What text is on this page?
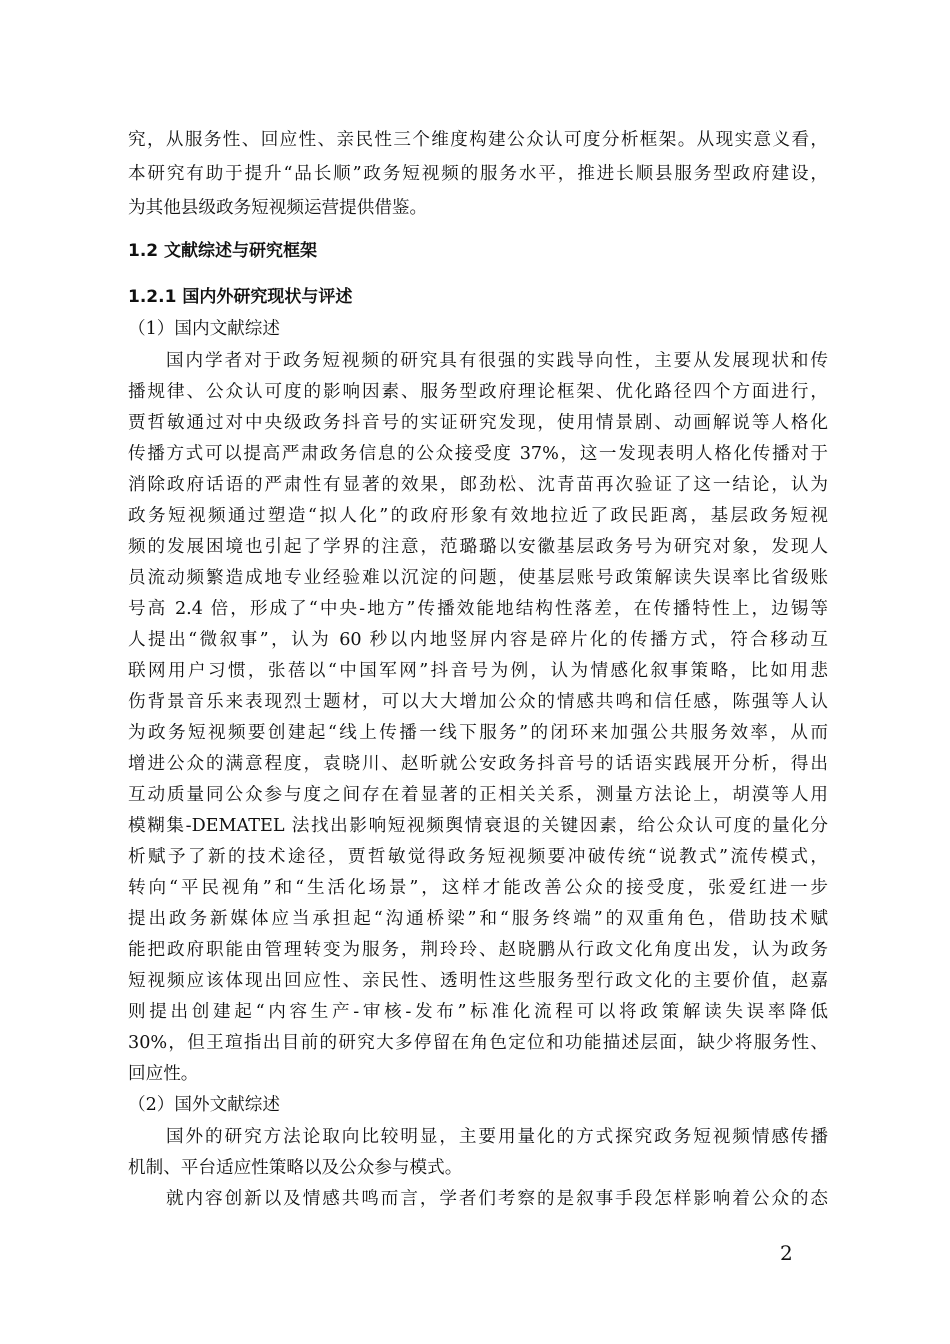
究，从服务性、回应性、亲民性三个维度构建公众认可度分析框架。从现实意义看，
本研究有助于提升“品长顺”政务短视频的服务水平，推进长顺县服务型政府建设，
为其他县级政务短视频运营提供借鉴。
1.2 文献综述与研究框架
1.2.1 国内外研究现状与评述
（1）国内文献综述
国内学者对于政务短视频的研究具有很强的实践导向性，主要从发展现状和传
播规律、公众认可度的影响因素、服务型政府理论框架、优化路径四个方面进行，
贾哲敏通过对中央级政务抖音号的实证研究发现，使用情景剧、动画解说等人格化
传播方式可以提高严肃政务信息的公众接受度 37%，这一发现表明人格化传播对于
消除政府话语的严肃性有显著的效果，郎劲松、沈青苗再次验证了这一结论，认为
政务短视频通过塑造“拟人化”的政府形象有效地拉近了政民距离，基层政务短视
频的发展困境也引起了学界的注意，范璐璐以安徽基层政务号为研究对象，发现人
员流动频繁造成地专业经验难以沉淀的问题，使基层账号政策解读失误率比省级账
号高 2.4 倍，形成了“中央-地方”传播效能地结构性落差，在传播特性上，边锡等
人提出“微叙事”，认为 60 秒以内地竖屏内容是碎片化的传播方式，符合移动互
联网用户习惯，张蓓以“中国军网”抖音号为例，认为情感化叙事策略，比如用悲
伤背景音乐来表现烈士题材，可以大大增加公众的情感共鸣和信任感，陈强等人认
为政务短视频要创建起“线上传播一线下服务”的闭环来加强公共服务效率，从而
增进公众的满意程度，袁晓川、赵昕就公安政务抖音号的话语实践展开分析，得出
互动质量同公众参与度之间存在着显著的正相关关系，测量方法论上，胡漠等人用
模糊集-DEMATEL 法找出影响短视频舆情衰退的关键因素，给公众认可度的量化分
析赋予了新的技术途径，贾哲敏觉得政务短视频要冲破传统“说教式”流传模式，
转向“平民视角”和“生活化场景”，这样才能改善公众的接受度，张爱红进一步
提出政务新媒体应当承担起“沟通桥梁”和“服务终端”的双重角色，借助技术赋
能把政府职能由管理转变为服务，荆玲玲、赵晓鹏从行政文化角度出发，认为政务
短视频应该体现出回应性、亲民性、透明性这些服务型行政文化的主要价值，赵嘉
则提出创建起“内容生产-审核-发布”标准化流程可以将政策解读失误率降低
30%，但王瑄指出目前的研究大多停留在角色定位和功能描述层面，缺少将服务性、
回应性。
（2）国外文献综述
国外的研究方法论取向比较明显，主要用量化的方式探究政务短视频情感传播
机制、平台适应性策略以及公众参与模式。
就内容创新以及情感共鸣而言，学者们考察的是叙事手段怎样影响着公众的态
2
